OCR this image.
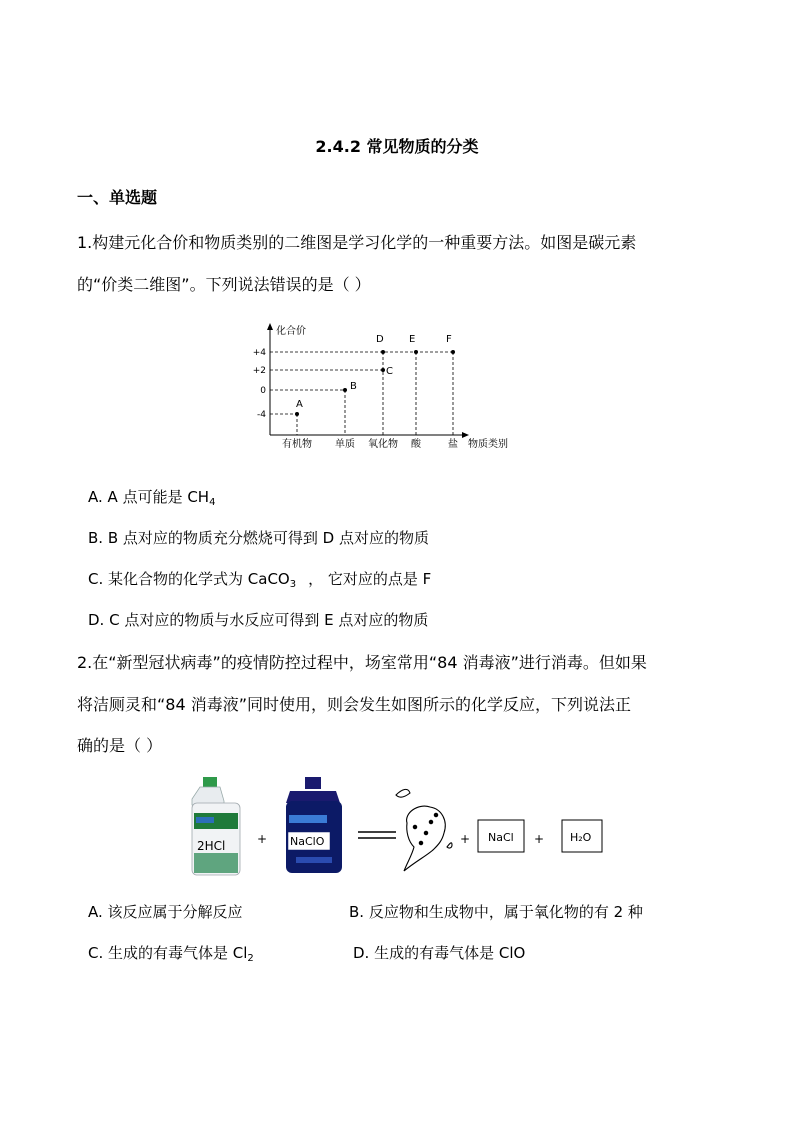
2.4.2 常见物质的分类
一、单选题
1.构建元化合价和物质类别的二维图是学习化学的一种重要方法。如图是碳元素
的“价类二维图”。下列说法错误的是（ ）
化合价
物质类别
+4
+2
0
-4
A
B
C
D	E	F
有机物 单质 氧化物 酸	盐
A. A 点可能是 $CH_4$
B. B 点对应的物质充分燃烧可得到 D 点对应的物质
C. 某化合物的化学式为 CaCO$_3$ ， 它对应的点是 F
D. C 点对应的物质与水反应可得到 E 点对应的物质
2.在“新型冠状病毒”的疫情防控过程中，场室常用“84 消毒液”进行消毒。但如果
将洁厕灵和“84 消毒液”同时使用，则会发生如图所示的化学反应，下列说法正
确的是（ ）
2HCl	+ NaClO	+ NaCl + H₂O
A. 该反应属于分解反应	B. 反应物和生成物中，属于氧化物的有 2 种
C. 生成的有毒气体是 $Cl_2$	D. 生成的有毒气体是 ClO
